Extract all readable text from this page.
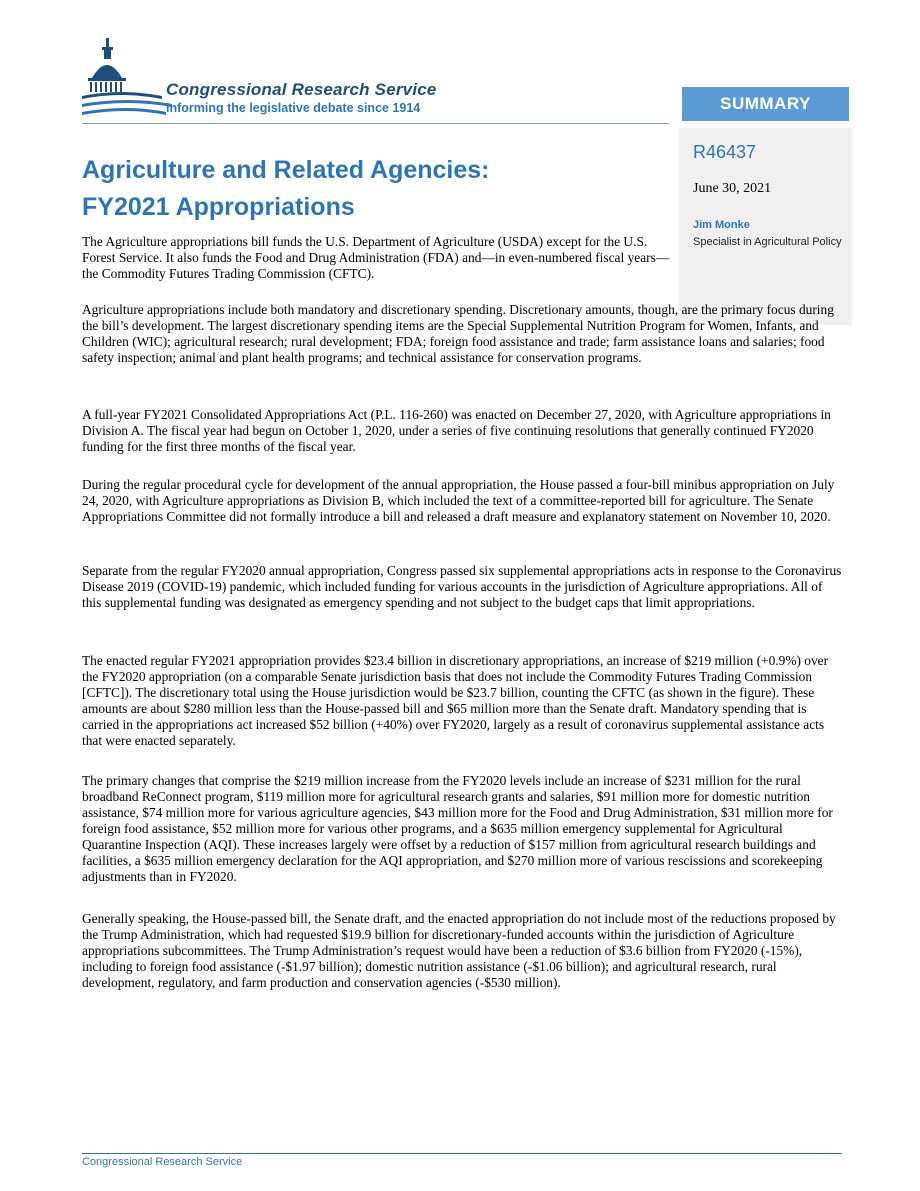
Congressional Research Service
Informing the legislative debate since 1914	SUMMARY
R46437
June 30, 2021
Jim Monke
Specialist in Agricultural Policy
Agriculture and Related Agencies:
FY2021 Appropriations

The Agriculture appropriations bill funds the U.S. Department of Agriculture (USDA) except for the U.S. Forest Service. It also funds the Food and Drug Administration (FDA) and—in even-numbered fiscal years—the Commodity Futures Trading Commission (CFTC).

Agriculture appropriations include both mandatory and discretionary spending. Discretionary amounts, though, are the primary focus during the bill’s development. The largest discretionary spending items are the Special Supplemental Nutrition Program for Women, Infants, and Children (WIC); agricultural research; rural development; FDA; foreign food assistance and trade; farm assistance loans and salaries; food safety inspection; animal and plant health programs; and technical assistance for conservation programs.

A full-year FY2021 Consolidated Appropriations Act (P.L. 116-260) was enacted on December 27, 2020, with Agriculture appropriations in Division A. The fiscal year had begun on October 1, 2020, under a series of five continuing resolutions that generally continued FY2020 funding for the first three months of the fiscal year.

During the regular procedural cycle for development of the annual appropriation, the House passed a four-bill minibus appropriation on July 24, 2020, with Agriculture appropriations as Division B, which included the text of a committee-reported bill for agriculture. The Senate Appropriations Committee did not formally introduce a bill and released a draft measure and explanatory statement on November 10, 2020.

Separate from the regular FY2020 annual appropriation, Congress passed six supplemental appropriations acts in response to the Coronavirus Disease 2019 (COVID-19) pandemic, which included funding for various accounts in the jurisdiction of Agriculture appropriations. All of this supplemental funding was designated as emergency spending and not subject to the budget caps that limit appropriations.

The enacted regular FY2021 appropriation provides $23.4 billion in discretionary appropriations, an increase of $219 million (+0.9%) over the FY2020 appropriation (on a comparable Senate jurisdiction basis that does not include the Commodity Futures Trading Commission [CFTC]). The discretionary total using the House jurisdiction would be $23.7 billion, counting the CFTC (as shown in the figure). These amounts are about $280 million less than the House-passed bill and $65 million more than the Senate draft. Mandatory spending that is carried in the appropriations act increased $52 billion (+40%) over FY2020, largely as a result of coronavirus supplemental assistance acts that were enacted separately.

The primary changes that comprise the $219 million increase from the FY2020 levels include an increase of $231 million for the rural broadband ReConnect program, $119 million more for agricultural research grants and salaries, $91 million more for domestic nutrition assistance, $74 million more for various agriculture agencies, $43 million more for the Food and Drug Administration, $31 million more for foreign food assistance, $52 million more for various other programs, and a $635 million emergency supplemental for Agricultural Quarantine Inspection (AQI). These increases largely were offset by a reduction of $157 million from agricultural research buildings and facilities, a $635 million emergency declaration for the AQI appropriation, and $270 million more of various rescissions and scorekeeping adjustments than in FY2020.

Generally speaking, the House-passed bill, the Senate draft, and the enacted appropriation do not include most of the reductions proposed by the Trump Administration, which had requested $19.9 billion for discretionary-funded accounts within the jurisdiction of Agriculture appropriations subcommittees. The Trump Administration’s request would have been a reduction of $3.6 billion from FY2020 (-15%), including to foreign food assistance (-$1.97 billion); domestic nutrition assistance (-$1.06 billion); and agricultural research, rural development, regulatory, and farm production and conservation agencies (-$530 million).

Congressional Research Service
